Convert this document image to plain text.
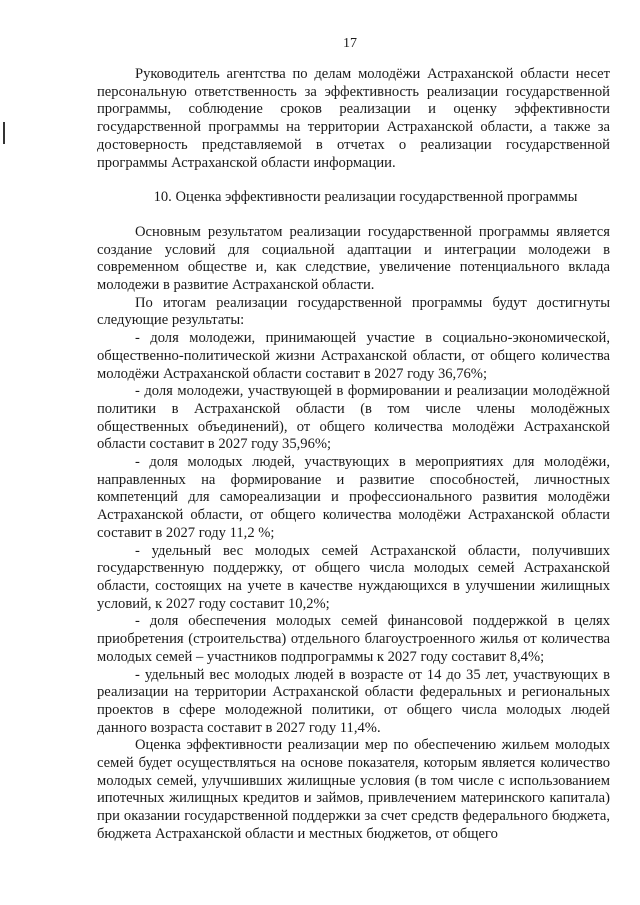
17

Руководитель агентства по делам молодёжи Астраханской области несет персональную ответственность за эффективность реализации государственной программы, соблюдение сроков реализации и оценку эффективности государственной программы на территории Астраханской области, а также за достоверность представляемой в отчетах о реализации государственной программы Астраханской области информации.

10. Оценка эффективности реализации государственной программы

Основным результатом реализации государственной программы является создание условий для социальной адаптации и интеграции молодежи в современном обществе и, как следствие, увеличение потенциального вклада молодежи в развитие Астраханской области.

По итогам реализации государственной программы будут достигнуты следующие результаты:

- доля молодежи, принимающей участие в социально-экономической, общественно-политической жизни Астраханской области, от общего количества молодёжи Астраханской области составит в 2027 году 36,76%;

- доля молодежи, участвующей в формировании и реализации молодёжной политики в Астраханской области (в том числе члены молодёжных общественных объединений), от общего количества молодёжи Астраханской области составит в 2027 году 35,96%;

- доля молодых людей, участвующих в мероприятиях для молодёжи, направленных на формирование и развитие способностей, личностных компетенций для самореализации и профессионального развития молодёжи Астраханской области, от общего количества молодёжи Астраханской области составит в 2027 году 11,2 %;

- удельный вес молодых семей Астраханской области, получивших государственную поддержку, от общего числа молодых семей Астраханской области, состоящих на учете в качестве нуждающихся в улучшении жилищных условий, к 2027 году составит 10,2%;

- доля обеспечения молодых семей финансовой поддержкой в целях приобретения (строительства) отдельного благоустроенного жилья от количества молодых семей – участников подпрограммы к 2027 году составит 8,4%;

- удельный вес молодых людей в возрасте от 14 до 35 лет, участвующих в реализации на территории Астраханской области федеральных и региональных проектов в сфере молодежной политики, от общего числа молодых людей данного возраста составит в 2027 году 11,4%.

Оценка эффективности реализации мер по обеспечению жильем молодых семей будет осуществляться на основе показателя, которым является количество молодых семей, улучшивших жилищные условия (в том числе с использованием ипотечных жилищных кредитов и займов, привлечением материнского капитала) при оказании государственной поддержки за счет средств федерального бюджета, бюджета Астраханской области и местных бюджетов, от общего
